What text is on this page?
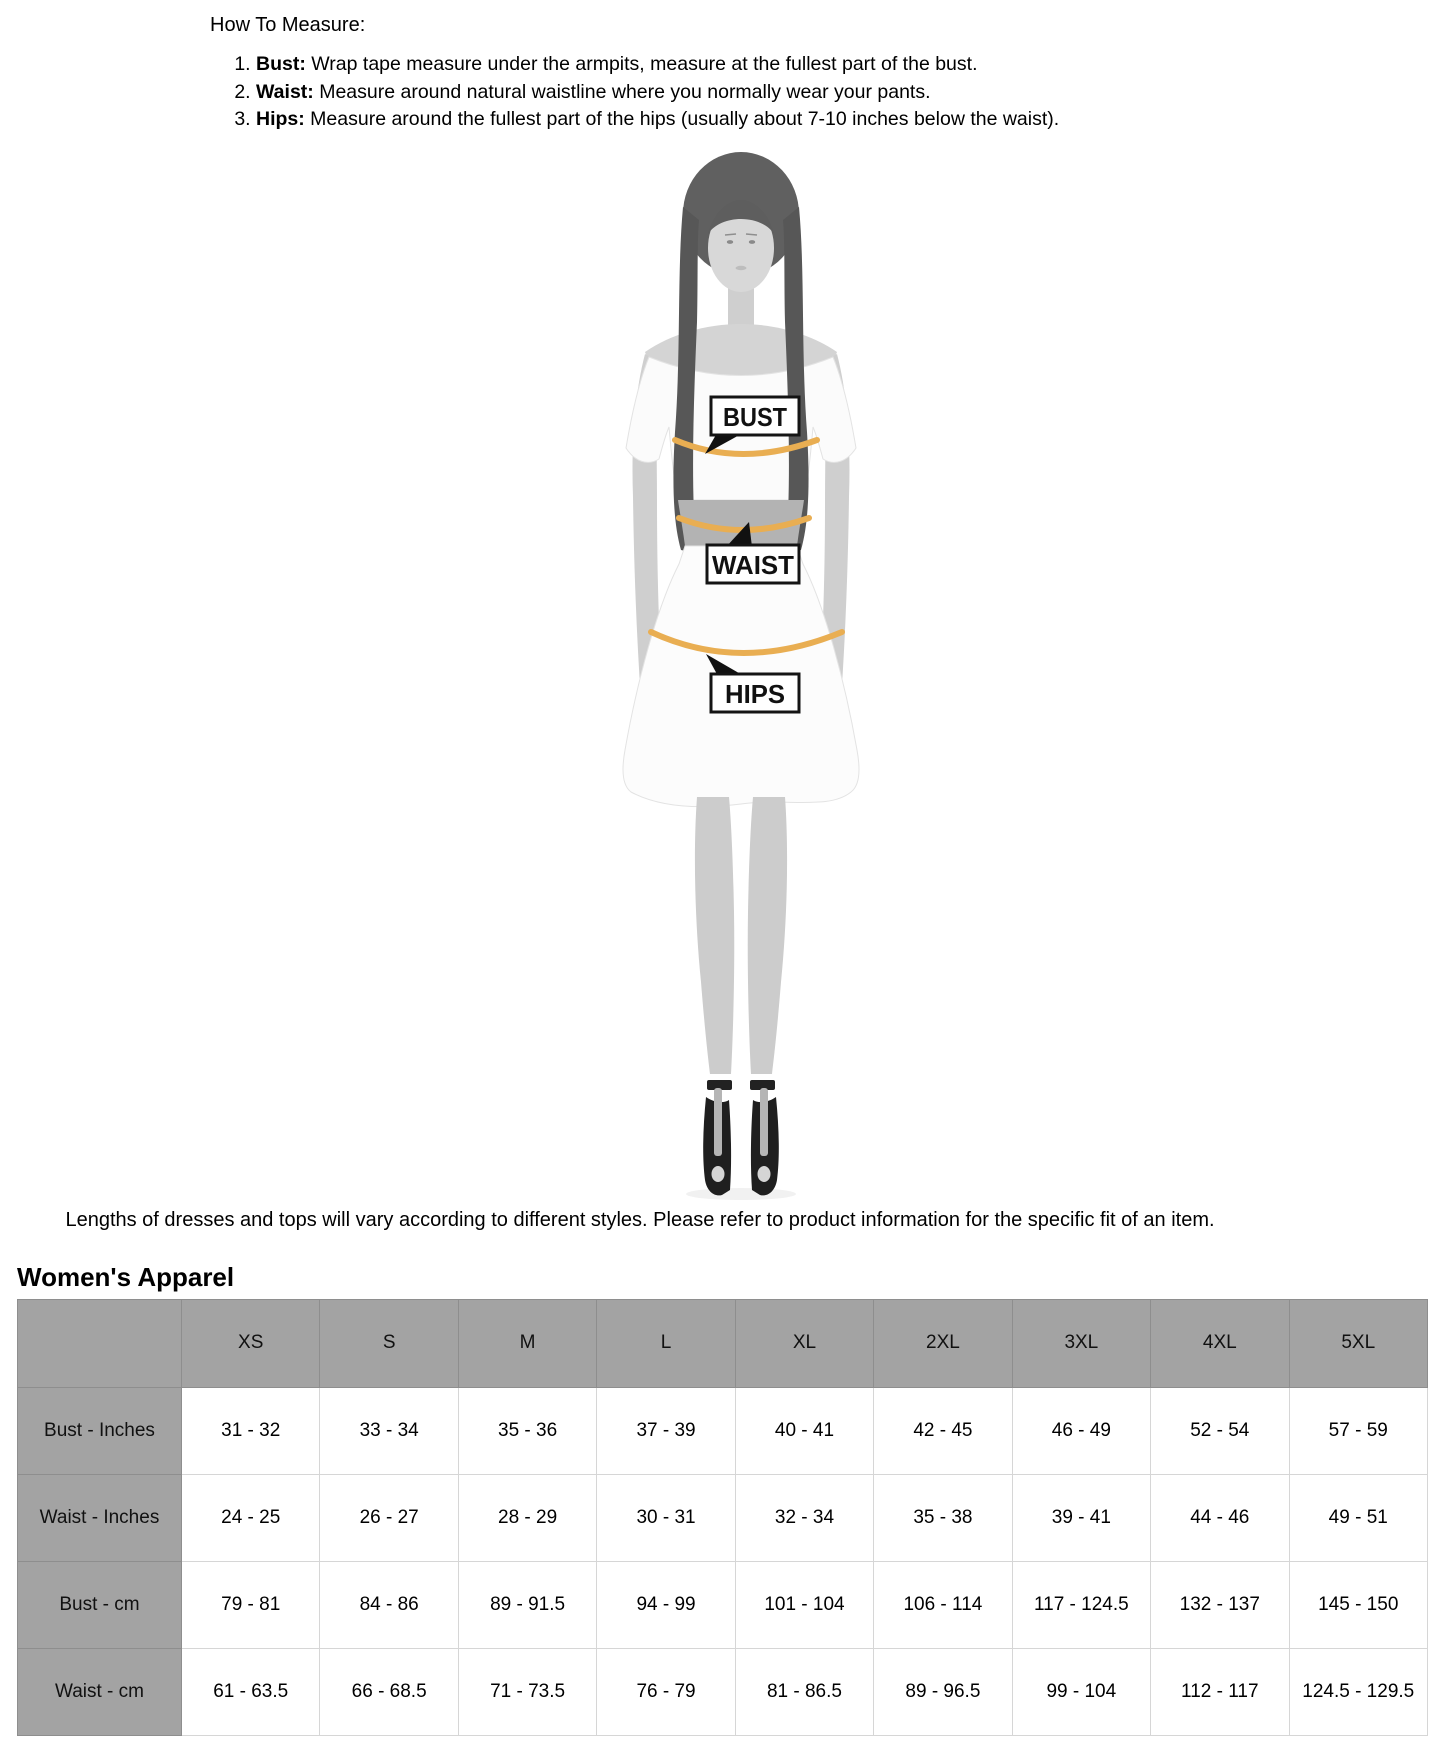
How To Measure:
1. Bust: Wrap tape measure under the armpits, measure at the fullest part of the bust.
2. Waist: Measure around natural waistline where you normally wear your pants.
3. Hips: Measure around the fullest part of the hips (usually about 7-10 inches below the waist).
BUST
WAIST
HIPS

Lengths of dresses and tops will vary according to different styles. Please refer to product information for the specific fit of an item.

Women's Apparel
	XS	S	M	L	XL	2XL	3XL	4XL	5XL
Bust - Inches	31 - 32	33 - 34	35 - 36	37 - 39	40 - 41	42 - 45	46 - 49	52 - 54	57 - 59
Waist - Inches	24 - 25	26 - 27	28 - 29	30 - 31	32 - 34	35 - 38	39 - 41	44 - 46	49 - 51
Bust - cm	79 - 81	84 - 86	89 - 91.5	94 - 99	101 - 104	106 - 114	117 - 124.5	132 - 137	145 - 150
Waist - cm	61 - 63.5	66 - 68.5	71 - 73.5	76 - 79	81 - 86.5	89 - 96.5	99 - 104	112 - 117	124.5 - 129.5
